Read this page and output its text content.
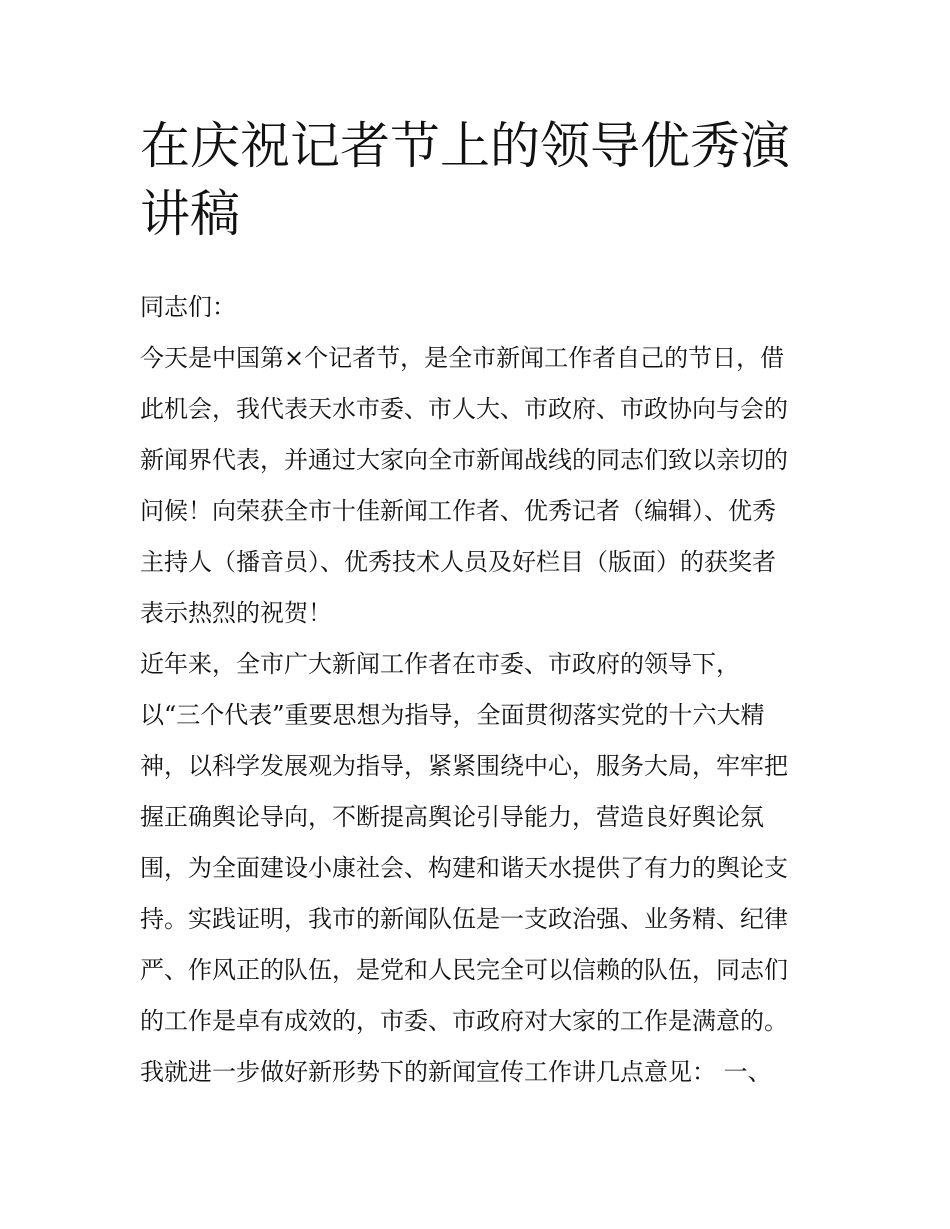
在庆祝记者节上的领导优秀演
讲稿
同志们：
今天是中国第×个记者节，是全市新闻工作者自己的节日，借
此机会，我代表天水市委、市人大、市政府、市政协向与会的
新闻界代表，并通过大家向全市新闻战线的同志们致以亲切的
问候！向荣获全市十佳新闻工作者、优秀记者（编辑）、优秀
主持人（播音员）、优秀技术人员及好栏目（版面）的获奖者
表示热烈的祝贺！
近年来，全市广大新闻工作者在市委、市政府的领导下，
以“三个代表”重要思想为指导，全面贯彻落实党的十六大精
神，以科学发展观为指导，紧紧围绕中心，服务大局，牢牢把
握正确舆论导向，不断提高舆论引导能力，营造良好舆论氛
围，为全面建设小康社会、构建和谐天水提供了有力的舆论支
持。实践证明，我市的新闻队伍是一支政治强、业务精、纪律
严、作风正的队伍，是党和人民完全可以信赖的队伍，同志们
的工作是卓有成效的，市委、市政府对大家的工作是满意的。
我就进一步做好新形势下的新闻宣传工作讲几点意见： 一、
